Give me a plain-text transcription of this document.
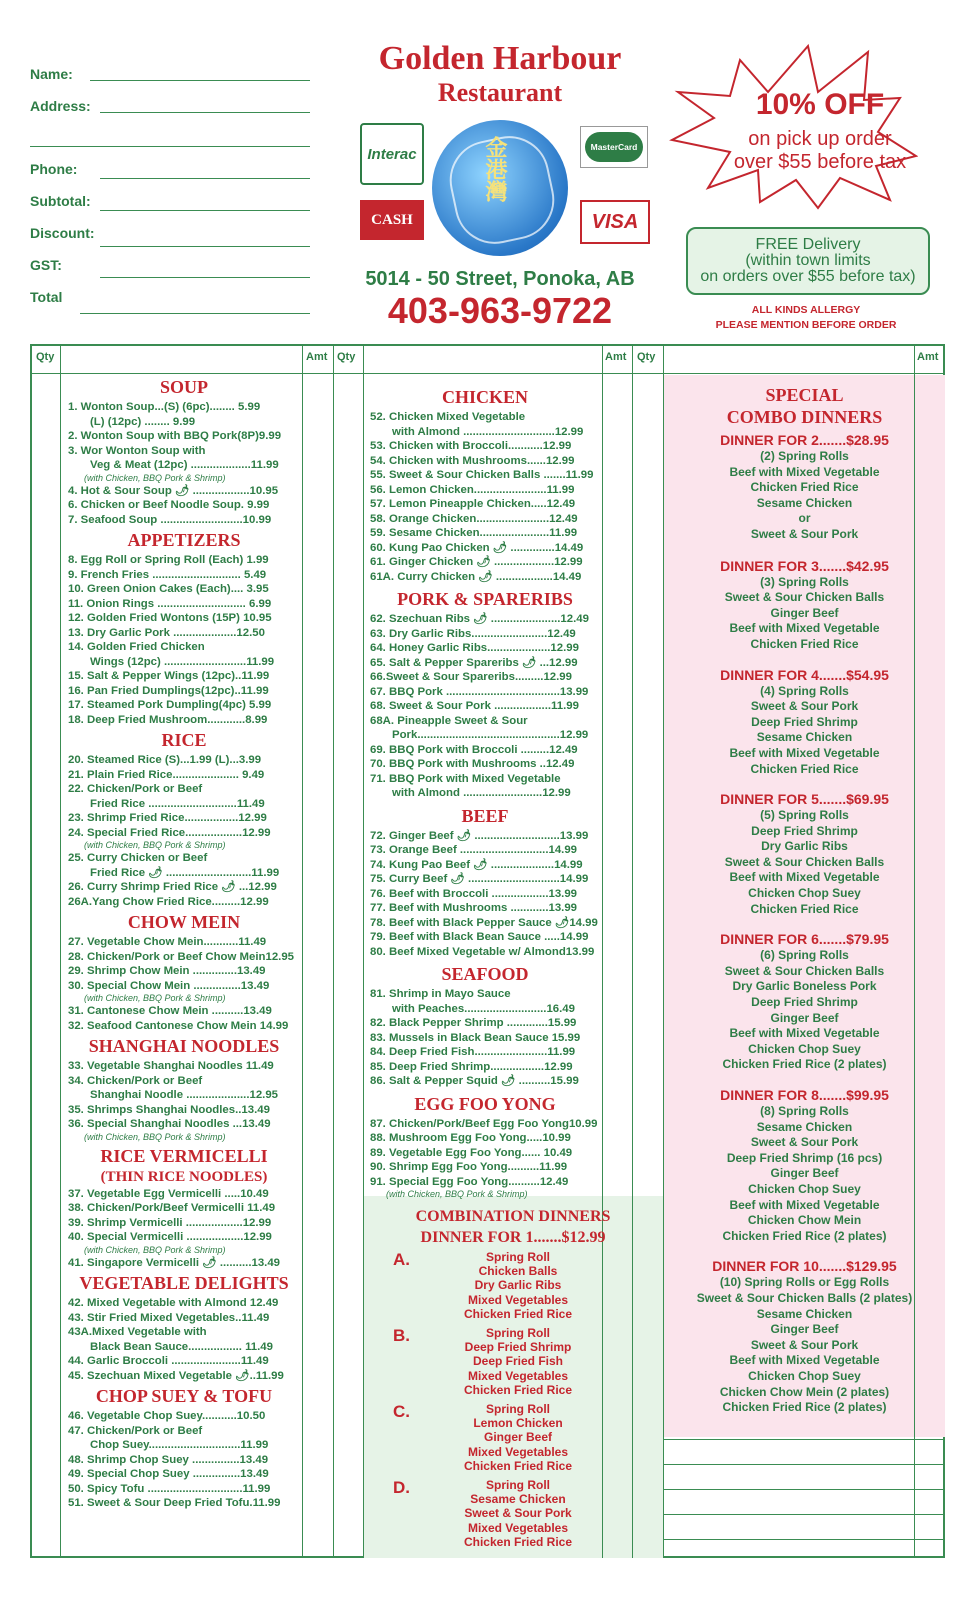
Name:
Address:
Phone:
Subtotal:
Discount:
GST:
Total
Golden Harbour
Restaurant
Interac
CASH
MasterCard
VISA
金港灣
5014 - 50 Street, Ponoka, AB
403-963-9722
10% OFF
on pick up order
over $55 before tax
FREE Delivery
(within town limits
on orders over $55 before tax)
ALL KINDS ALLERGY
PLEASE MENTION BEFORE ORDER
Qty	Amt Qty	Amt Qty	Amt
SOUP
1. Wonton Soup...(S) (6pc)........ 5.99
(L) (12pc) ........ 9.99
2. Wonton Soup with BBQ Pork(8P)9.99
3. Wor Wonton Soup with
Veg & Meat (12pc) ...................11.99
(with Chicken, BBQ Pork & Shrimp)
4. Hot & Sour Soup 🌶 ..................10.95
6. Chicken or Beef Noodle Soup. 9.99
7. Seafood Soup ..........................10.99
APPETIZERS
8. Egg Roll or Spring Roll (Each) 1.99
9. French Fries ............................ 5.49
10. Green Onion Cakes (Each).... 3.95
11. Onion Rings ............................ 6.99
12. Golden Fried Wontons (15P) 10.95
13. Dry Garlic Pork ....................12.50
14. Golden Fried Chicken
Wings (12pc) ..........................11.99
15. Salt & Pepper Wings (12pc)..11.99
16. Pan Fried Dumplings(12pc)..11.99
17. Steamed Pork Dumpling(4pc) 5.99
18. Deep Fried Mushroom............8.99
RICE
20. Steamed Rice (S)...1.99 (L)...3.99
21. Plain Fried Rice..................... 9.49
22. Chicken/Pork or Beef
Fried Rice ............................11.49
23. Shrimp Fried Rice.................12.99
24. Special Fried Rice..................12.99
(with Chicken, BBQ Pork & Shrimp)
25. Curry Chicken or Beef
Fried Rice 🌶 ...........................11.99
26. Curry Shrimp Fried Rice 🌶 ...12.99
26A.Yang Chow Fried Rice.........12.99
CHOW MEIN
27. Vegetable Chow Mein...........11.49
28. Chicken/Pork or Beef Chow Mein12.95
29. Shrimp Chow Mein ..............13.49
30. Special Chow Mein ...............13.49
(with Chicken, BBQ Pork & Shrimp)
31. Cantonese Chow Mein ..........13.49
32. Seafood Cantonese Chow Mein 14.99
SHANGHAI NOODLES
33. Vegetable Shanghai Noodles 11.49
34. Chicken/Pork or Beef
Shanghai Noodle ....................12.95
35. Shrimps Shanghai Noodles..13.49
36. Special Shanghai Noodles ...13.49
(with Chicken, BBQ Pork & Shrimp)
RICE VERMICELLI
(THIN RICE NOODLES)
37. Vegetable Egg Vermicelli .....10.49
38. Chicken/Pork/Beef Vermicelli 11.49
39. Shrimp Vermicelli ..................12.99
40. Special Vermicelli ..................12.99
(with Chicken, BBQ Pork & Shrimp)
41. Singapore Vermicelli 🌶 ..........13.49
VEGETABLE DELIGHTS
42. Mixed Vegetable with Almond 12.49
43. Stir Fried Mixed Vegetables..11.49
43A.Mixed Vegetable with
Black Bean Sauce................. 11.49
44. Garlic Broccoli ......................11.49
45. Szechuan Mixed Vegetable 🌶..11.99
CHOP SUEY & TOFU
46. Vegetable Chop Suey...........10.50
47. Chicken/Pork or Beef
Chop Suey.............................11.99
48. Shrimp Chop Suey ...............13.49
49. Special Chop Suey ...............13.49
50. Spicy Tofu ..............................11.99
51. Sweet & Sour Deep Fried Tofu.11.99
CHICKEN
52. Chicken Mixed Vegetable
with Almond .............................12.99
53. Chicken with Broccoli...........12.99
54. Chicken with Mushrooms......12.99
55. Sweet & Sour Chicken Balls .......11.99
56. Lemon Chicken.......................11.99
57. Lemon Pineapple Chicken.....12.49
58. Orange Chicken.......................12.49
59. Sesame Chicken......................11.99
60. Kung Pao Chicken 🌶 ..............14.49
61. Ginger Chicken 🌶 ...................12.99
61A. Curry Chicken 🌶 ..................14.49
PORK & SPARERIBS
62. Szechuan Ribs 🌶 ......................12.49
63. Dry Garlic Ribs........................12.49
64. Honey Garlic Ribs....................12.99
65. Salt & Pepper Spareribs 🌶 ...12.99
66.Sweet & Sour Spareribs.........12.99
67. BBQ Pork ....................................13.99
68. Sweet & Sour Pork ..................11.99
68A. Pineapple Sweet & Sour
Pork.............................................12.99
69. BBQ Pork with Broccoli .........12.49
70. BBQ Pork with Mushrooms ..12.49
71. BBQ Pork with Mixed Vegetable
with Almond .........................12.99
BEEF
72. Ginger Beef 🌶 ...........................13.99
73. Orange Beef ............................14.99
74. Kung Pao Beef 🌶 ....................14.99
75. Curry Beef 🌶 .............................14.99
76. Beef with Broccoli ..................13.99
77. Beef with Mushrooms ............13.99
78. Beef with Black Pepper Sauce 🌶14.99
79. Beef with Black Bean Sauce .....14.99
80. Beef Mixed Vegetable w/ Almond13.99
SEAFOOD
81. Shrimp in Mayo Sauce
with Peaches..........................16.49
82. Black Pepper Shrimp .............15.99
83. Mussels in Black Bean Sauce 15.99
84. Deep Fried Fish.......................11.99
85. Deep Fried Shrimp.................12.99
86. Salt & Pepper Squid 🌶 ..........15.99
EGG FOO YONG
87. Chicken/Pork/Beef Egg Foo Yong10.99
88. Mushroom Egg Foo Yong.....10.99
89. Vegetable Egg Foo Yong...... 10.49
90. Shrimp Egg Foo Yong..........11.99
91. Special Egg Foo Yong..........12.49
(with Chicken, BBQ Pork & Shrimp)
COMBINATION DINNERS
DINNER FOR 1.......$12.99
A.	Spring Roll
Chicken Balls
Dry Garlic Ribs
Mixed Vegetables
Chicken Fried Rice
B.	Spring Roll
Deep Fried Shrimp
Deep Fried Fish
Mixed Vegetables
Chicken Fried Rice
C.	Spring Roll
Lemon Chicken
Ginger Beef
Mixed Vegetables
Chicken Fried Rice
D.	Spring Roll
Sesame Chicken
Sweet & Sour Pork
Mixed Vegetables
Chicken Fried Rice
SPECIAL
COMBO DINNERS
DINNER FOR 2.......$28.95
(2) Spring Rolls
Beef with Mixed Vegetable
Chicken Fried Rice
Sesame Chicken
or
Sweet & Sour Pork
DINNER FOR 3.......$42.95
(3) Spring Rolls
Sweet & Sour Chicken Balls
Ginger Beef
Beef with Mixed Vegetable
Chicken Fried Rice
DINNER FOR 4.......$54.95
(4) Spring Rolls
Sweet & Sour Pork
Deep Fried Shrimp
Sesame Chicken
Beef with Mixed Vegetable
Chicken Fried Rice
DINNER FOR 5.......$69.95
(5) Spring Rolls
Deep Fried Shrimp
Dry Garlic Ribs
Sweet & Sour Chicken Balls
Beef with Mixed Vegetable
Chicken Chop Suey
Chicken Fried Rice
DINNER FOR 6.......$79.95
(6) Spring Rolls
Sweet & Sour Chicken Balls
Dry Garlic Boneless Pork
Deep Fried Shrimp
Ginger Beef
Beef with Mixed Vegetable
Chicken Chop Suey
Chicken Fried Rice (2 plates)
DINNER FOR 8.......$99.95
(8) Spring Rolls
Sesame Chicken
Sweet & Sour Pork
Deep Fried Shrimp (16 pcs)
Ginger Beef
Chicken Chop Suey
Beef with Mixed Vegetable
Chicken Chow Mein
Chicken Fried Rice (2 plates)
DINNER FOR 10.......$129.95
(10) Spring Rolls or Egg Rolls
Sweet & Sour Chicken Balls (2 plates)
Sesame Chicken
Ginger Beef
Sweet & Sour Pork
Beef with Mixed Vegetable
Chicken Chop Suey
Chicken Chow Mein (2 plates)
Chicken Fried Rice (2 plates)
